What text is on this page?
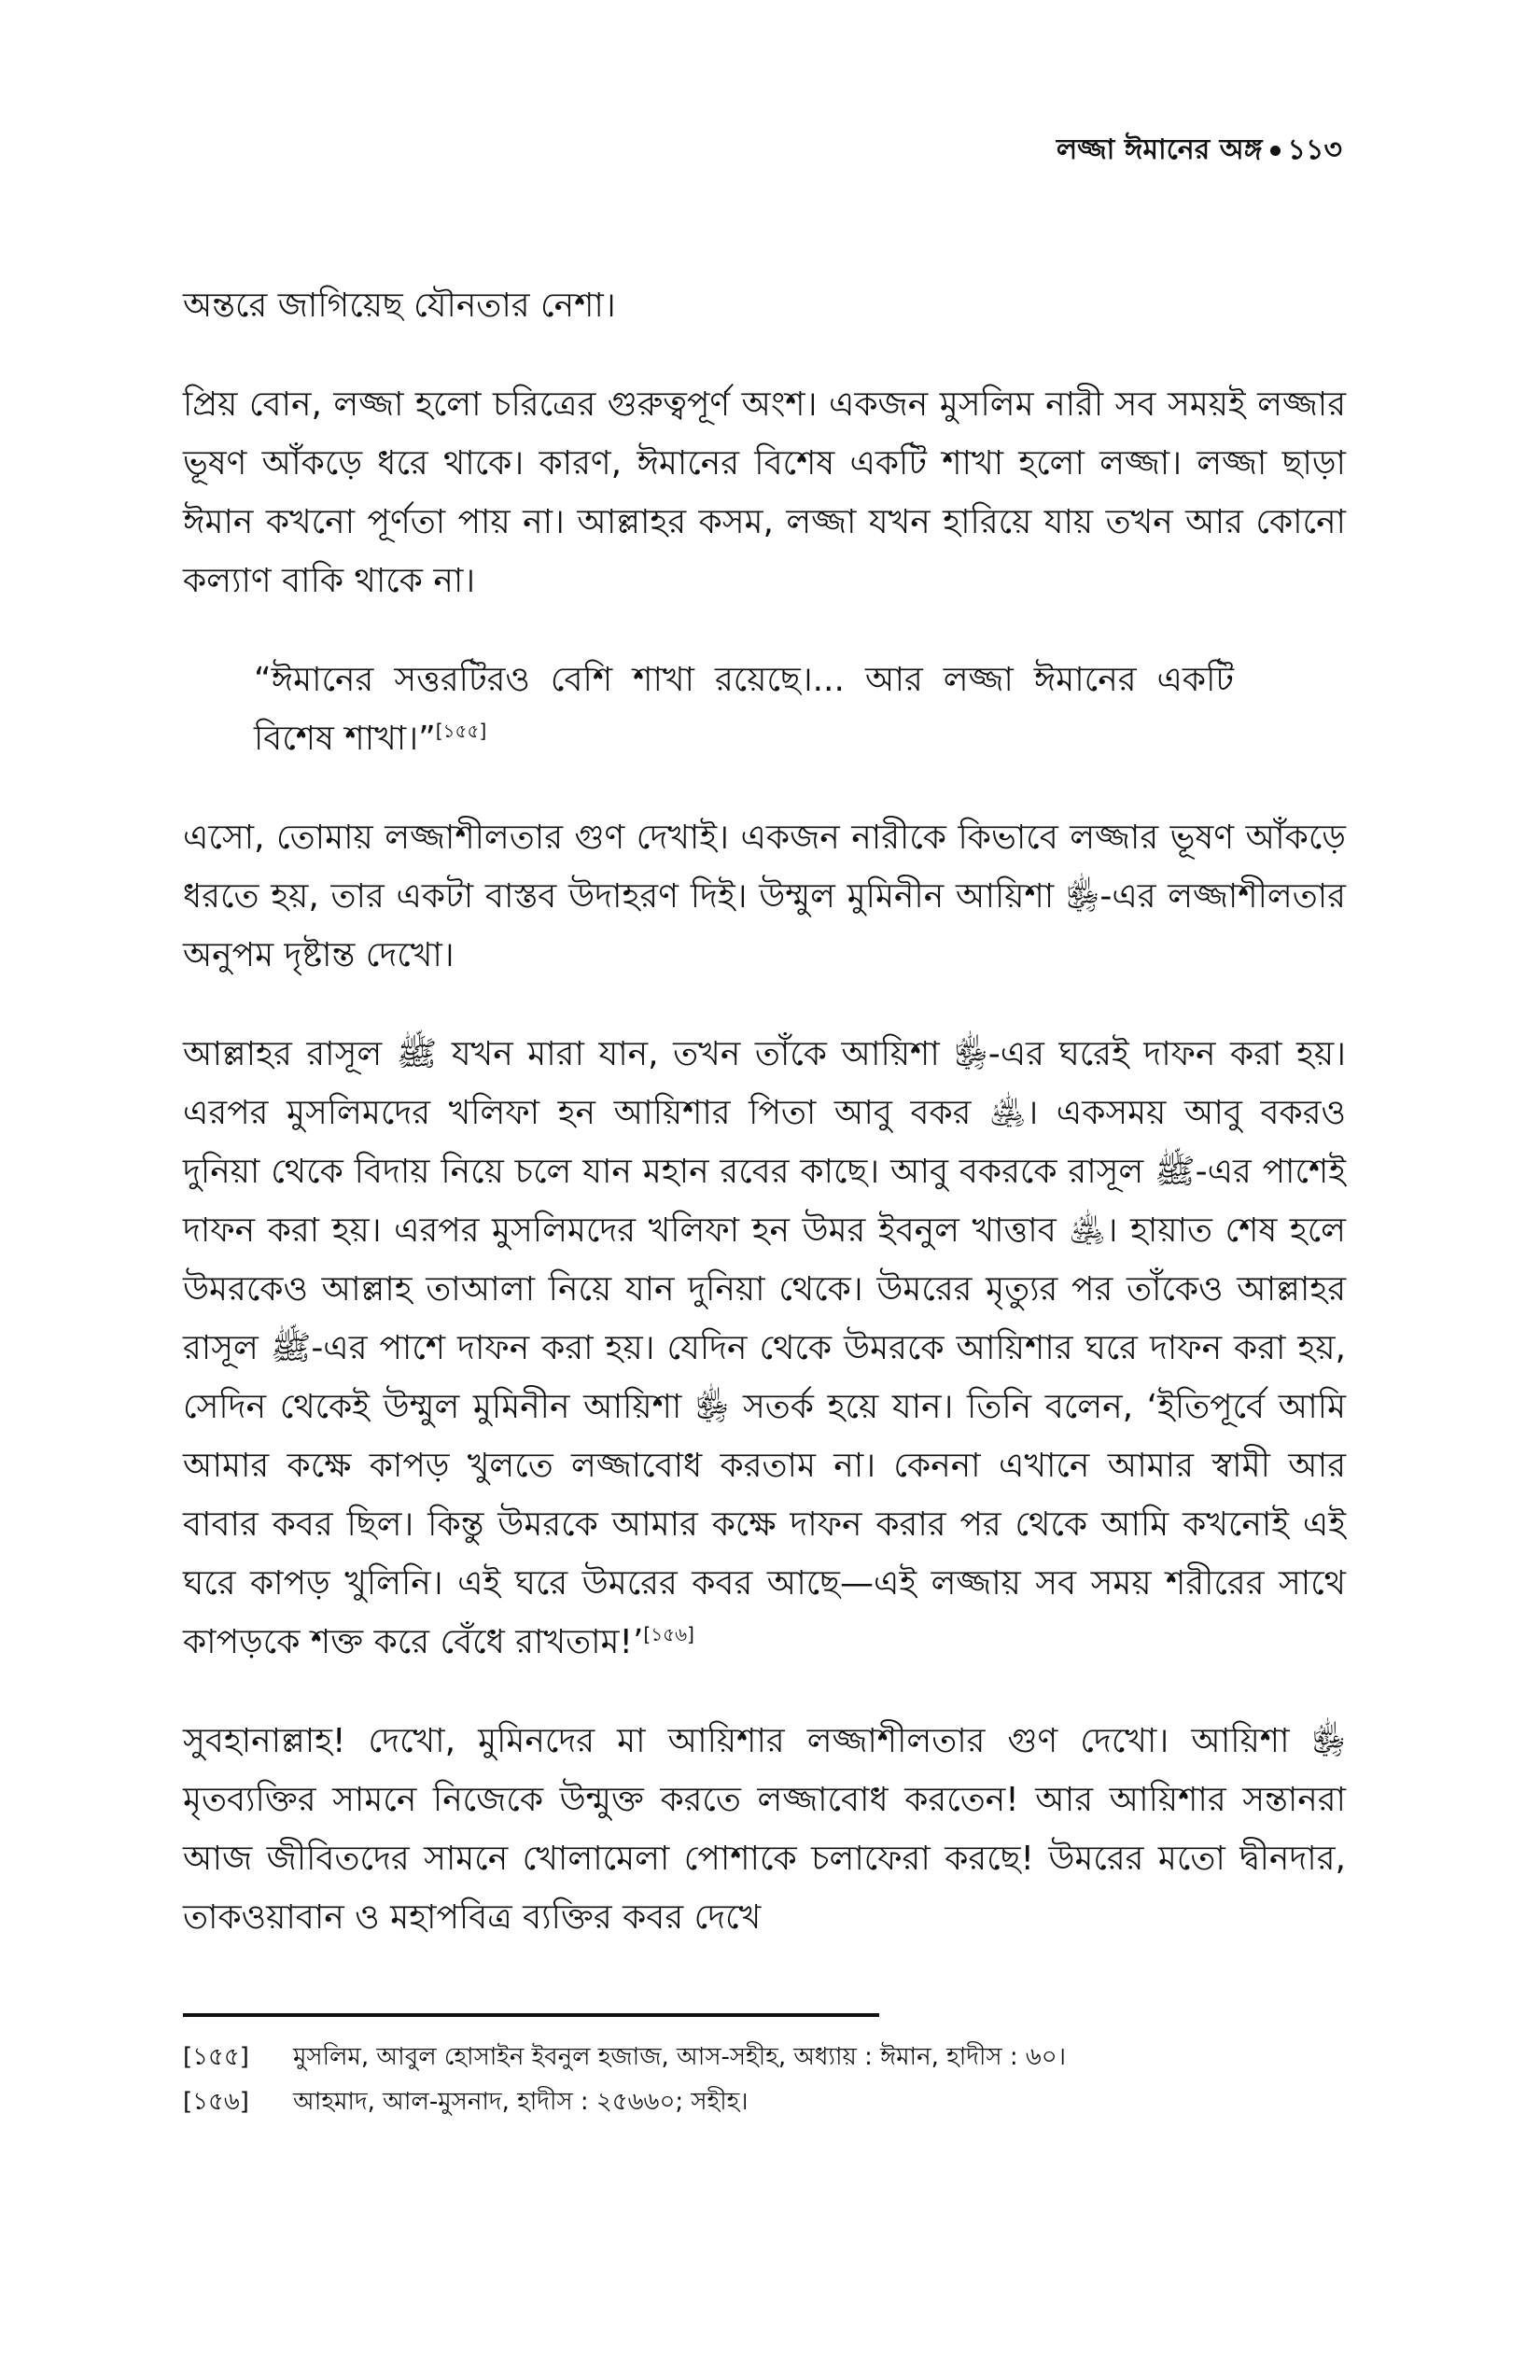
লজ্জা ঈমানের অঙ্গ ১১৩

অন্তরে জাগিয়েছ যৌনতার নেশা।

প্রিয় বোন, লজ্জা হলো চরিত্রের গুরুত্বপূর্ণ অংশ। একজন মুসলিম নারী সব সময়ই লজ্জার ভূষণ আঁকড়ে ধরে থাকে। কারণ, ঈমানের বিশেষ একটি শাখা হলো লজ্জা। লজ্জা ছাড়া ঈমান কখনো পূর্ণতা পায় না। আল্লাহর কসম, লজ্জা যখন হারিয়ে যায় তখন আর কোনো কল্যাণ বাকি থাকে না।

“ঈমানের সত্তরটিরও বেশি শাখা রয়েছে।... আর লজ্জা ঈমানের একটি বিশেষ শাখা।”[১৫৫]

এসো, তোমায় লজ্জাশীলতার গুণ দেখাই। একজন নারীকে কিভাবে লজ্জার ভূষণ আঁকড়ে ধরতে হয়, তার একটা বাস্তব উদাহরণ দিই। উম্মুল মুমিনীন আয়িশা ﵂-এর লজ্জাশীলতার অনুপম দৃষ্টান্ত দেখো।

আল্লাহর রাসূল ﷺ যখন মারা যান, তখন তাঁকে আয়িশা ﵂-এর ঘরেই দাফন করা হয়। এরপর মুসলিমদের খলিফা হন আয়িশার পিতা আবু বকর ﵁। একসময় আবু বকরও দুনিয়া থেকে বিদায় নিয়ে চলে যান মহান রবের কাছে। আবু বকরকে রাসূল ﷺ-এর পাশেই দাফন করা হয়। এরপর মুসলিমদের খলিফা হন উমর ইবনুল খাত্তাব ﵁। হায়াত শেষ হলে উমরকেও আল্লাহ তাআলা নিয়ে যান দুনিয়া থেকে। উমরের মৃত্যুর পর তাঁকেও আল্লাহর রাসূল ﷺ-এর পাশে দাফন করা হয়। যেদিন থেকে উমরকে আয়িশার ঘরে দাফন করা হয়, সেদিন থেকেই উম্মুল মুমিনীন আয়িশা ﵂ সতর্ক হয়ে যান। তিনি বলেন, ‘ইতিপূর্বে আমি আমার কক্ষে কাপড় খুলতে লজ্জাবোধ করতাম না। কেননা এখানে আমার স্বামী আর বাবার কবর ছিল। কিন্তু উমরকে আমার কক্ষে দাফন করার পর থেকে আমি কখনোই এই ঘরে কাপড় খুলিনি। এই ঘরে উমরের কবর আছে—এই লজ্জায় সব সময় শরীরের সাথে কাপড়কে শক্ত করে বেঁধে রাখতাম!’[১৫৬]

সুবহানাল্লাহ! দেখো, মুমিনদের মা আয়িশার লজ্জাশীলতার গুণ দেখো। আয়িশা ﵂ মৃতব্যক্তির সামনে নিজেকে উন্মুক্ত করতে লজ্জাবোধ করতেন! আর আয়িশার সন্তানরা আজ জীবিতদের সামনে খোলামেলা পোশাকে চলাফেরা করছে! উমরের মতো দ্বীনদার, তাকওয়াবান ও মহাপবিত্র ব্যক্তির কবর দেখে

[১৫৫]	মুসলিম, আবুল হোসাইন ইবনুল হজাজ, আস-সহীহ, অধ্যায় : ঈমান, হাদীস : ৬০।
[১৫৬]	আহমাদ, আল-মুসনাদ, হাদীস : ২৫৬৬০; সহীহ।
